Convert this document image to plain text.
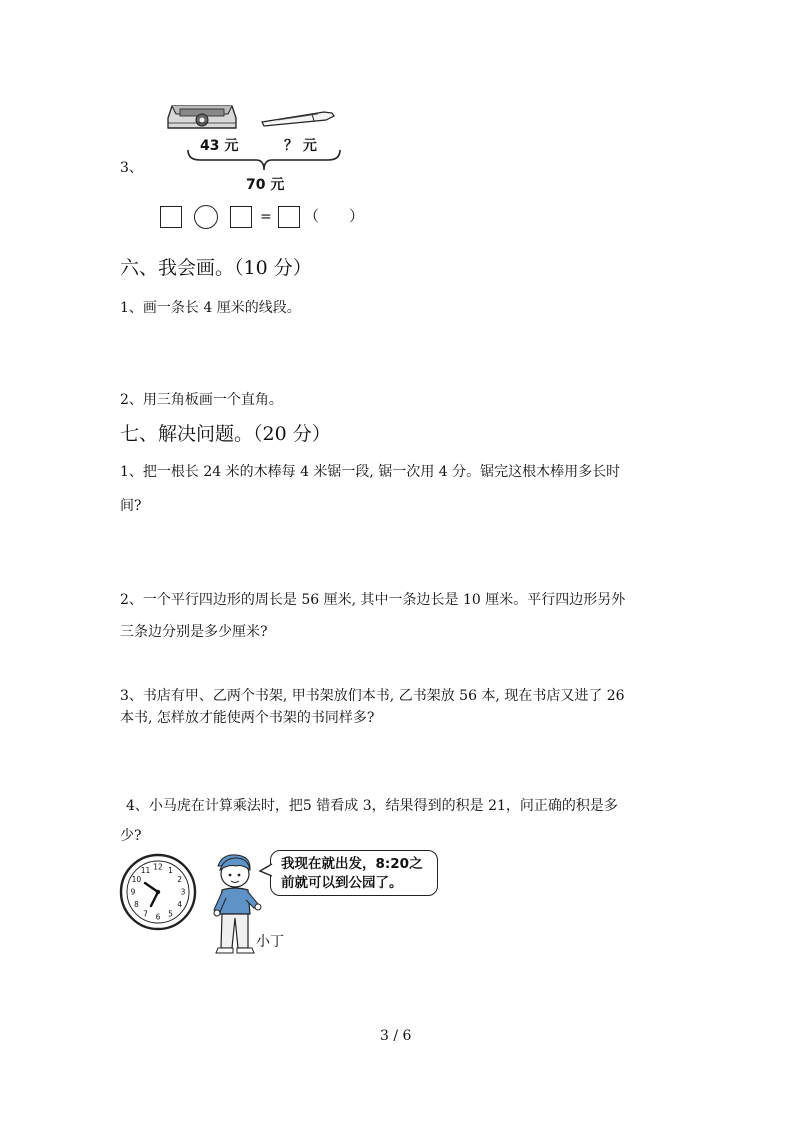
43 元	？ 元
3、
70 元
= （　　）
六、我会画。（10 分）
1、画一条长 4 厘米的线段。
2、用三角板画一个直角。
七、解决问题。（20 分）
1、把一根长 24 米的木棒每 4 米锯一段, 锯一次用 4 分。锯完这根木棒用多长时
间?
2、一个平行四边形的周长是 56 厘米, 其中一条边长是 10 厘米。平行四边形另外
三条边分别是多少厘米?
3、书店有甲、乙两个书架, 甲书架放们本书, 乙书架放 56 本, 现在书店又进了 26
本书, 怎样放才能使两个书架的书同样多?
4、小马虎在计算乘法时，把5 错看成 3，结果得到的积是 21，问正确的积是多
少?
12 1
2
3
4
5
6
7
8
9
10
11	我现在就出发，8:20之
前就可以到公园了。
小丁
3 / 6
